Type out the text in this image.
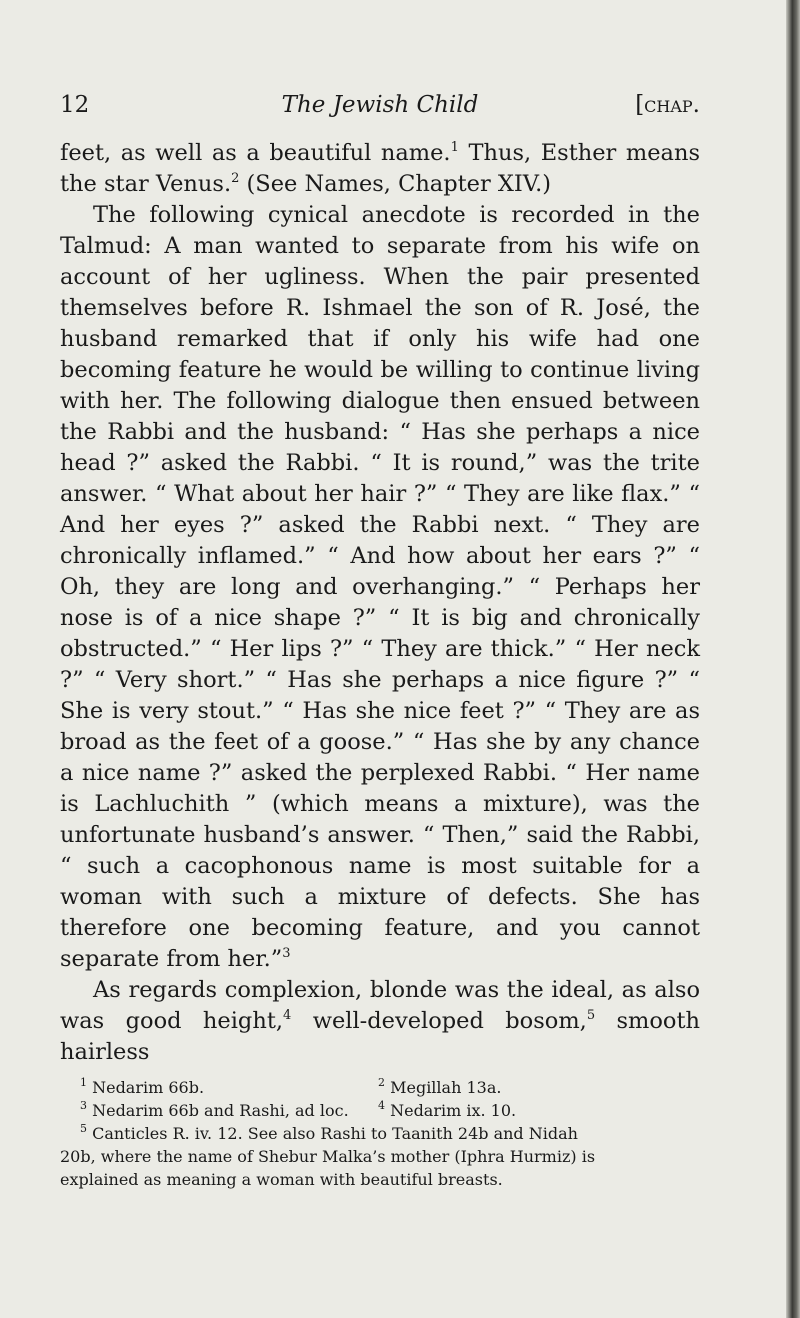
12	The Jewish Child	[chap.

feet, as well as a beautiful name.$^1$ Thus, Esther means the star Venus.$^2$ (See Names, Chapter XIV.)

The following cynical anecdote is recorded in the Talmud: A man wanted to separate from his wife on account of her ugliness. When the pair presented themselves before R. Ishmael the son of R. José, the husband remarked that if only his wife had one becoming feature he would be willing to continue living with her. The following dialogue then ensued between the Rabbi and the husband: “ Has she perhaps a nice head ?” asked the Rabbi. “ It is round,” was the trite answer. “ What about her hair ?” “ They are like flax.” “ And her eyes ?” asked the Rabbi next. “ They are chronically inflamed.” “ And how about her ears ?” “ Oh, they are long and overhanging.” “ Perhaps her nose is of a nice shape ?” “ It is big and chronically obstructed.” “ Her lips ?” “ They are thick.” “ Her neck ?” “ Very short.” “ Has she perhaps a nice figure ?” “ She is very stout.” “ Has she nice feet ?” “ They are as broad as the feet of a goose.” “ Has she by any chance a nice name ?” asked the perplexed Rabbi. “ Her name is Lachluchith ” (which means a mixture), was the unfortunate husband’s answer. “ Then,” said the Rabbi, “ such a cacophonous name is most suitable for a woman with such a mixture of defects. She has therefore one becoming feature, and you cannot separate from her.”$^3$

As regards complexion, blonde was the ideal, as also was good height,$^4$ well-developed bosom,$^5$ smooth hairless

$^1$ Nedarim 66b.	$^2$ Megillah 13a.
$^3$ Nedarim 66b and Rashi, ad loc.	$^4$ Nedarim ix. 10.
$^5$ Canticles R. iv. 12. See also Rashi to Taanith 24b and Nidah
20b, where the name of Shebur Malka’s mother (Iphra Hurmiz) is
explained as meaning a woman with beautiful breasts.
